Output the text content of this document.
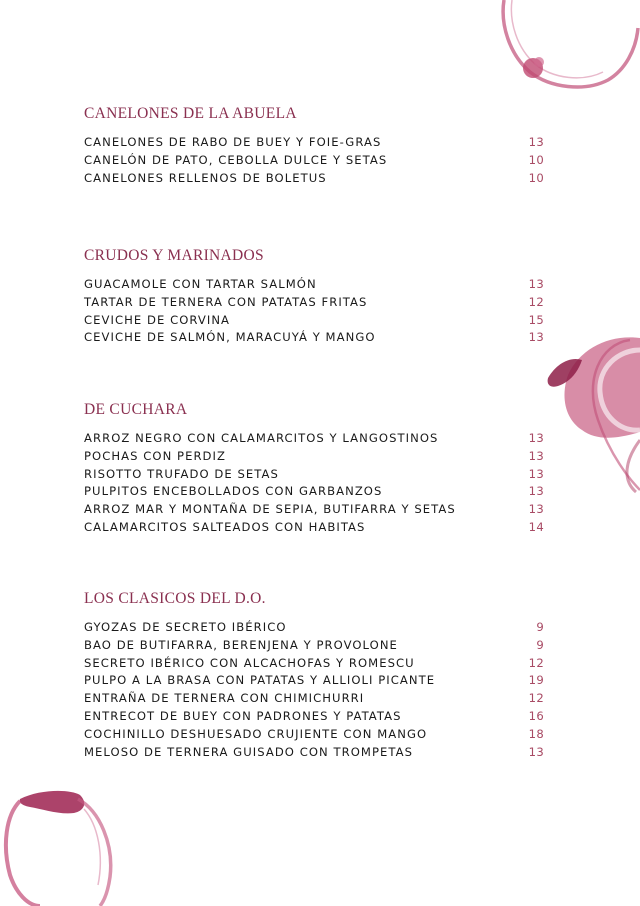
CANELONES DE LA ABUELA
CANELONES DE RABO DE BUEY Y FOIE-GRAS	13
CANELÓN DE PATO, CEBOLLA DULCE Y SETAS	10
CANELONES RELLENOS DE BOLETUS	10
CRUDOS Y MARINADOS
GUACAMOLE CON TARTAR SALMÓN	13
TARTAR DE TERNERA CON PATATAS FRITAS	12
CEVICHE DE CORVINA	15
CEVICHE DE SALMÓN, MARACUYÁ Y MANGO	13
DE CUCHARA
ARROZ NEGRO CON CALAMARCITOS Y LANGOSTINOS	13
POCHAS CON PERDIZ	13
RISOTTO TRUFADO DE SETAS	13
PULPITOS ENCEBOLLADOS CON GARBANZOS	13
ARROZ MAR Y MONTAÑA DE SEPIA, BUTIFARRA Y SETAS	13
CALAMARCITOS SALTEADOS CON HABITAS	14
LOS CLASICOS DEL D.O.
GYOZAS DE SECRETO IBÉRICO	9
BAO DE BUTIFARRA, BERENJENA Y PROVOLONE	9
SECRETO IBÉRICO CON ALCACHOFAS Y ROMESCU	12
PULPO A LA BRASA CON PATATAS Y ALLIOLI PICANTE	19
ENTRAÑA DE TERNERA CON CHIMICHURRI	12
ENTRECOT DE BUEY CON PADRONES Y PATATAS	16
COCHINILLO DESHUESADO CRUJIENTE CON MANGO	18
MELOSO DE TERNERA GUISADO CON TROMPETAS	13
